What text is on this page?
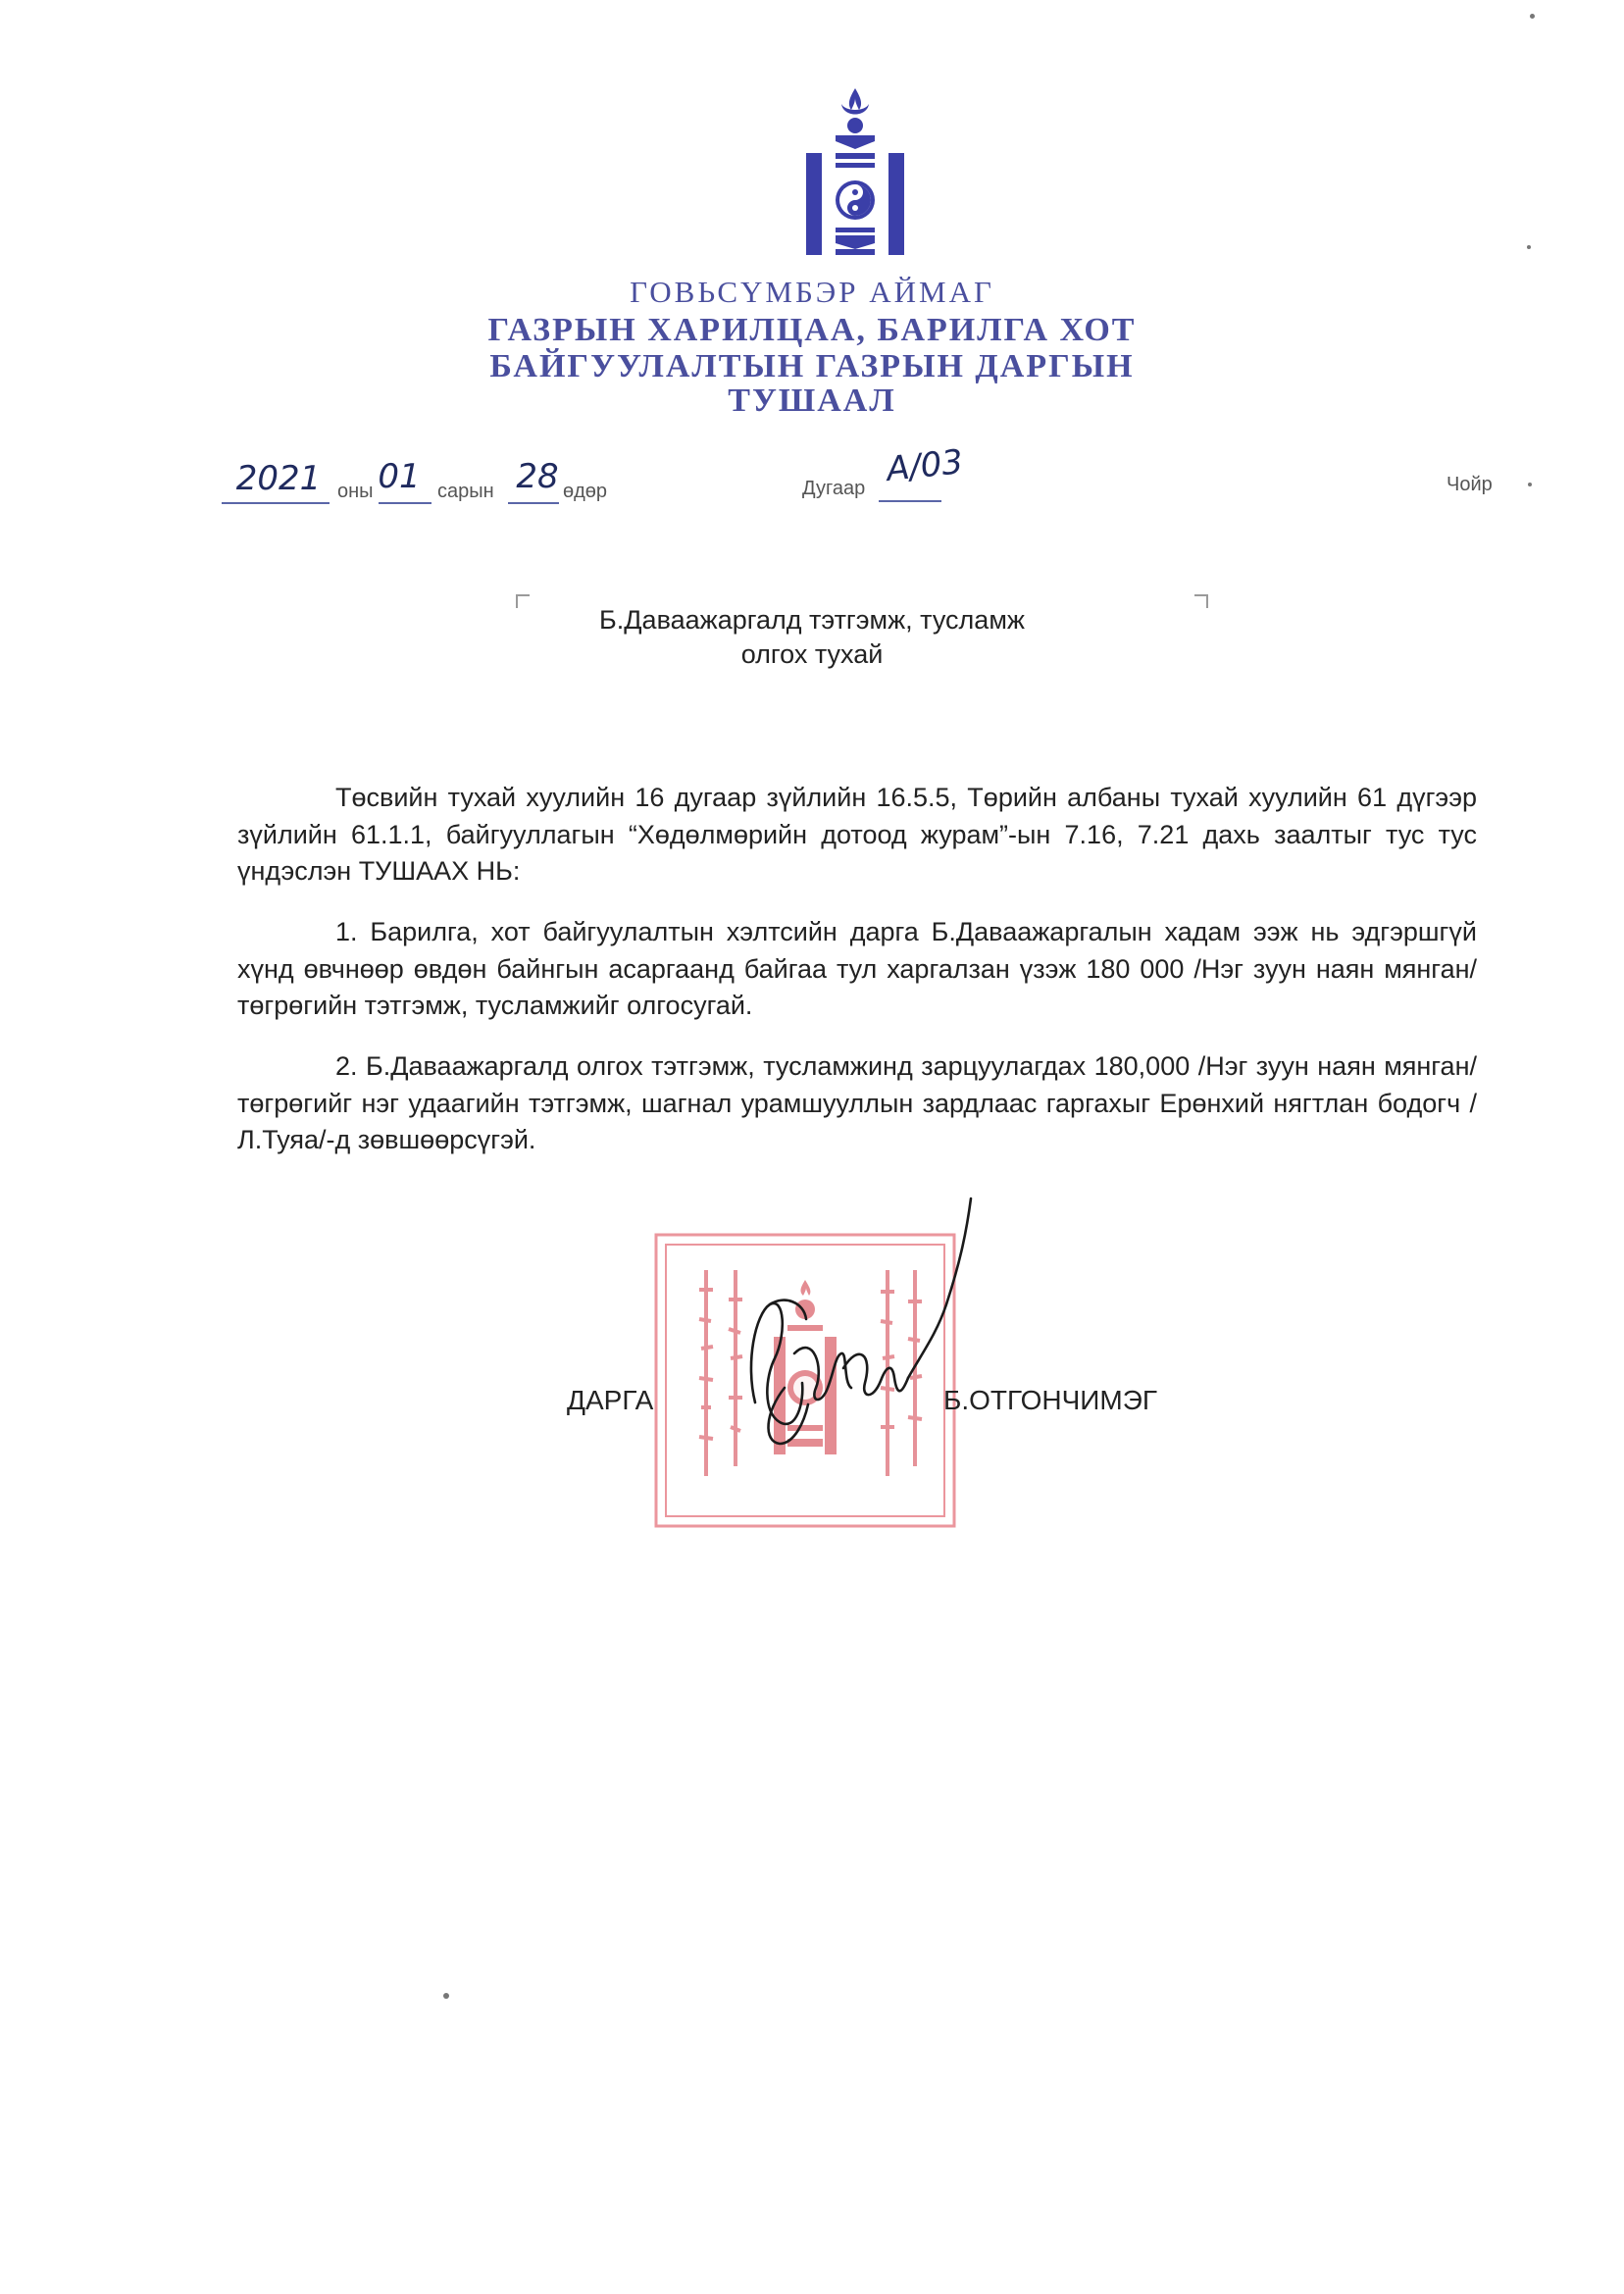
ГОВЬСҮМБЭР АЙМАГ
ГАЗРЫН ХАРИЛЦАА, БАРИЛГА ХОТ
БАЙГУУЛАЛТЫН ГАЗРЫН ДАРГЫН
ТУШААЛ
2021 оны 01 сарын 28 өдөр	Дугаар А/03	Чойр
Б.Даваажаргалд тэтгэмж, тусламж
олгох тухай
Төсвийн тухай хуулийн 16 дугаар зүйлийн 16.5.5, Төрийн албаны тухай хуулийн 61 дүгээр зүйлийн 61.1.1, байгууллагын “Хөдөлмөрийн дотоод журам”-ын 7.16, 7.21 дахь заалтыг тус тус үндэслэн ТУШААХ НЬ:
1. Барилга, хот байгуулалтын хэлтсийн дарга Б.Даваажаргалын хадам ээж нь эдгэршгүй хүнд өвчнөөр өвдөн байнгын асаргаанд байгаа тул харгалзан үзэж 180 000 /Нэг зуун наян мянган/ төгрөгийн тэтгэмж, тусламжийг олгосугай.
2. Б.Даваажаргалд олгох тэтгэмж, тусламжинд зарцуулагдах 180,000 /Нэг зуун наян мянган/ төгрөгийг нэг удаагийн тэтгэмж, шагнал урамшууллын зардлаас гаргахыг Ерөнхий нягтлан бодогч /Л.Туяа/-д зөвшөөрсүгэй.
ДАРГА	Б.ОТГОНЧИМЭГ
